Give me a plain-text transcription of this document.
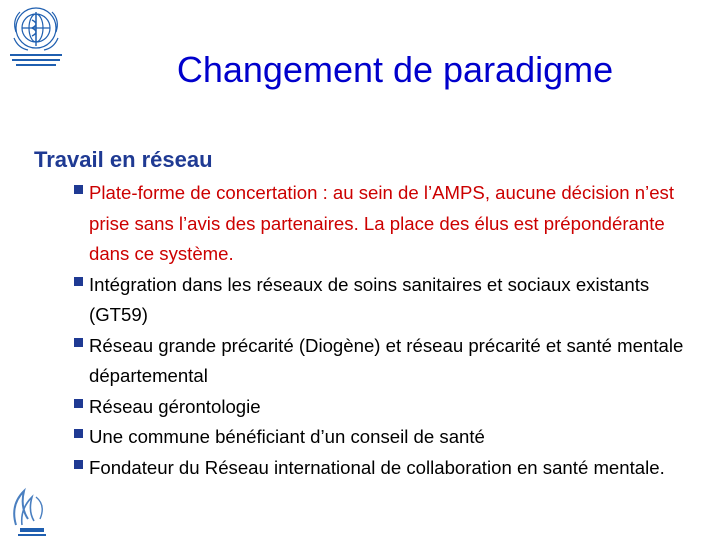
Changement de paradigme
Travail en réseau
Plate-forme de concertation : au sein de l’AMPS, aucune décision n’est prise sans l’avis des partenaires. La place des élus est prépondérante dans ce système.
Intégration dans les réseaux de soins sanitaires et sociaux existants (GT59)
Réseau grande précarité (Diogène) et réseau précarité et santé mentale départemental
Réseau gérontologie
Une commune bénéficiant d’un conseil de santé
Fondateur du Réseau international de collaboration en santé mentale.
